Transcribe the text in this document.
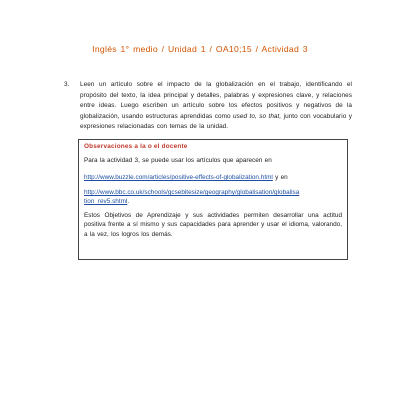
Inglés 1° medio / Unidad 1 / OA10;15 / Actividad 3
3. Leen un artículo sobre el impacto de la globalización en el trabajo, identificando el propósito del texto, la idea principal y detalles, palabras y expresiones clave, y relaciones entre ideas. Luego escriben un artículo sobre los efectos positivos y negativos de la globalización, usando estructuras aprendidas como used to, so that, junto con vocabulario y expresiones relacionadas con temas de la unidad.
Observaciones a la o el docente
Para la actividad 3, se puede usar los artículos que aparecen en
http://www.buzzle.com/articles/positive-effects-of-globalization.html y en
http://www.bbc.co.uk/schools/gcsebitesize/geography/globalisation/globalisa
tion_rev5.shtml.
Estos Objetivos de Aprendizaje y sus actividades permiten desarrollar una actitud positiva frente a sí mismo y sus capacidades para aprender y usar el idioma, valorando, a la vez, los logros los demás.
